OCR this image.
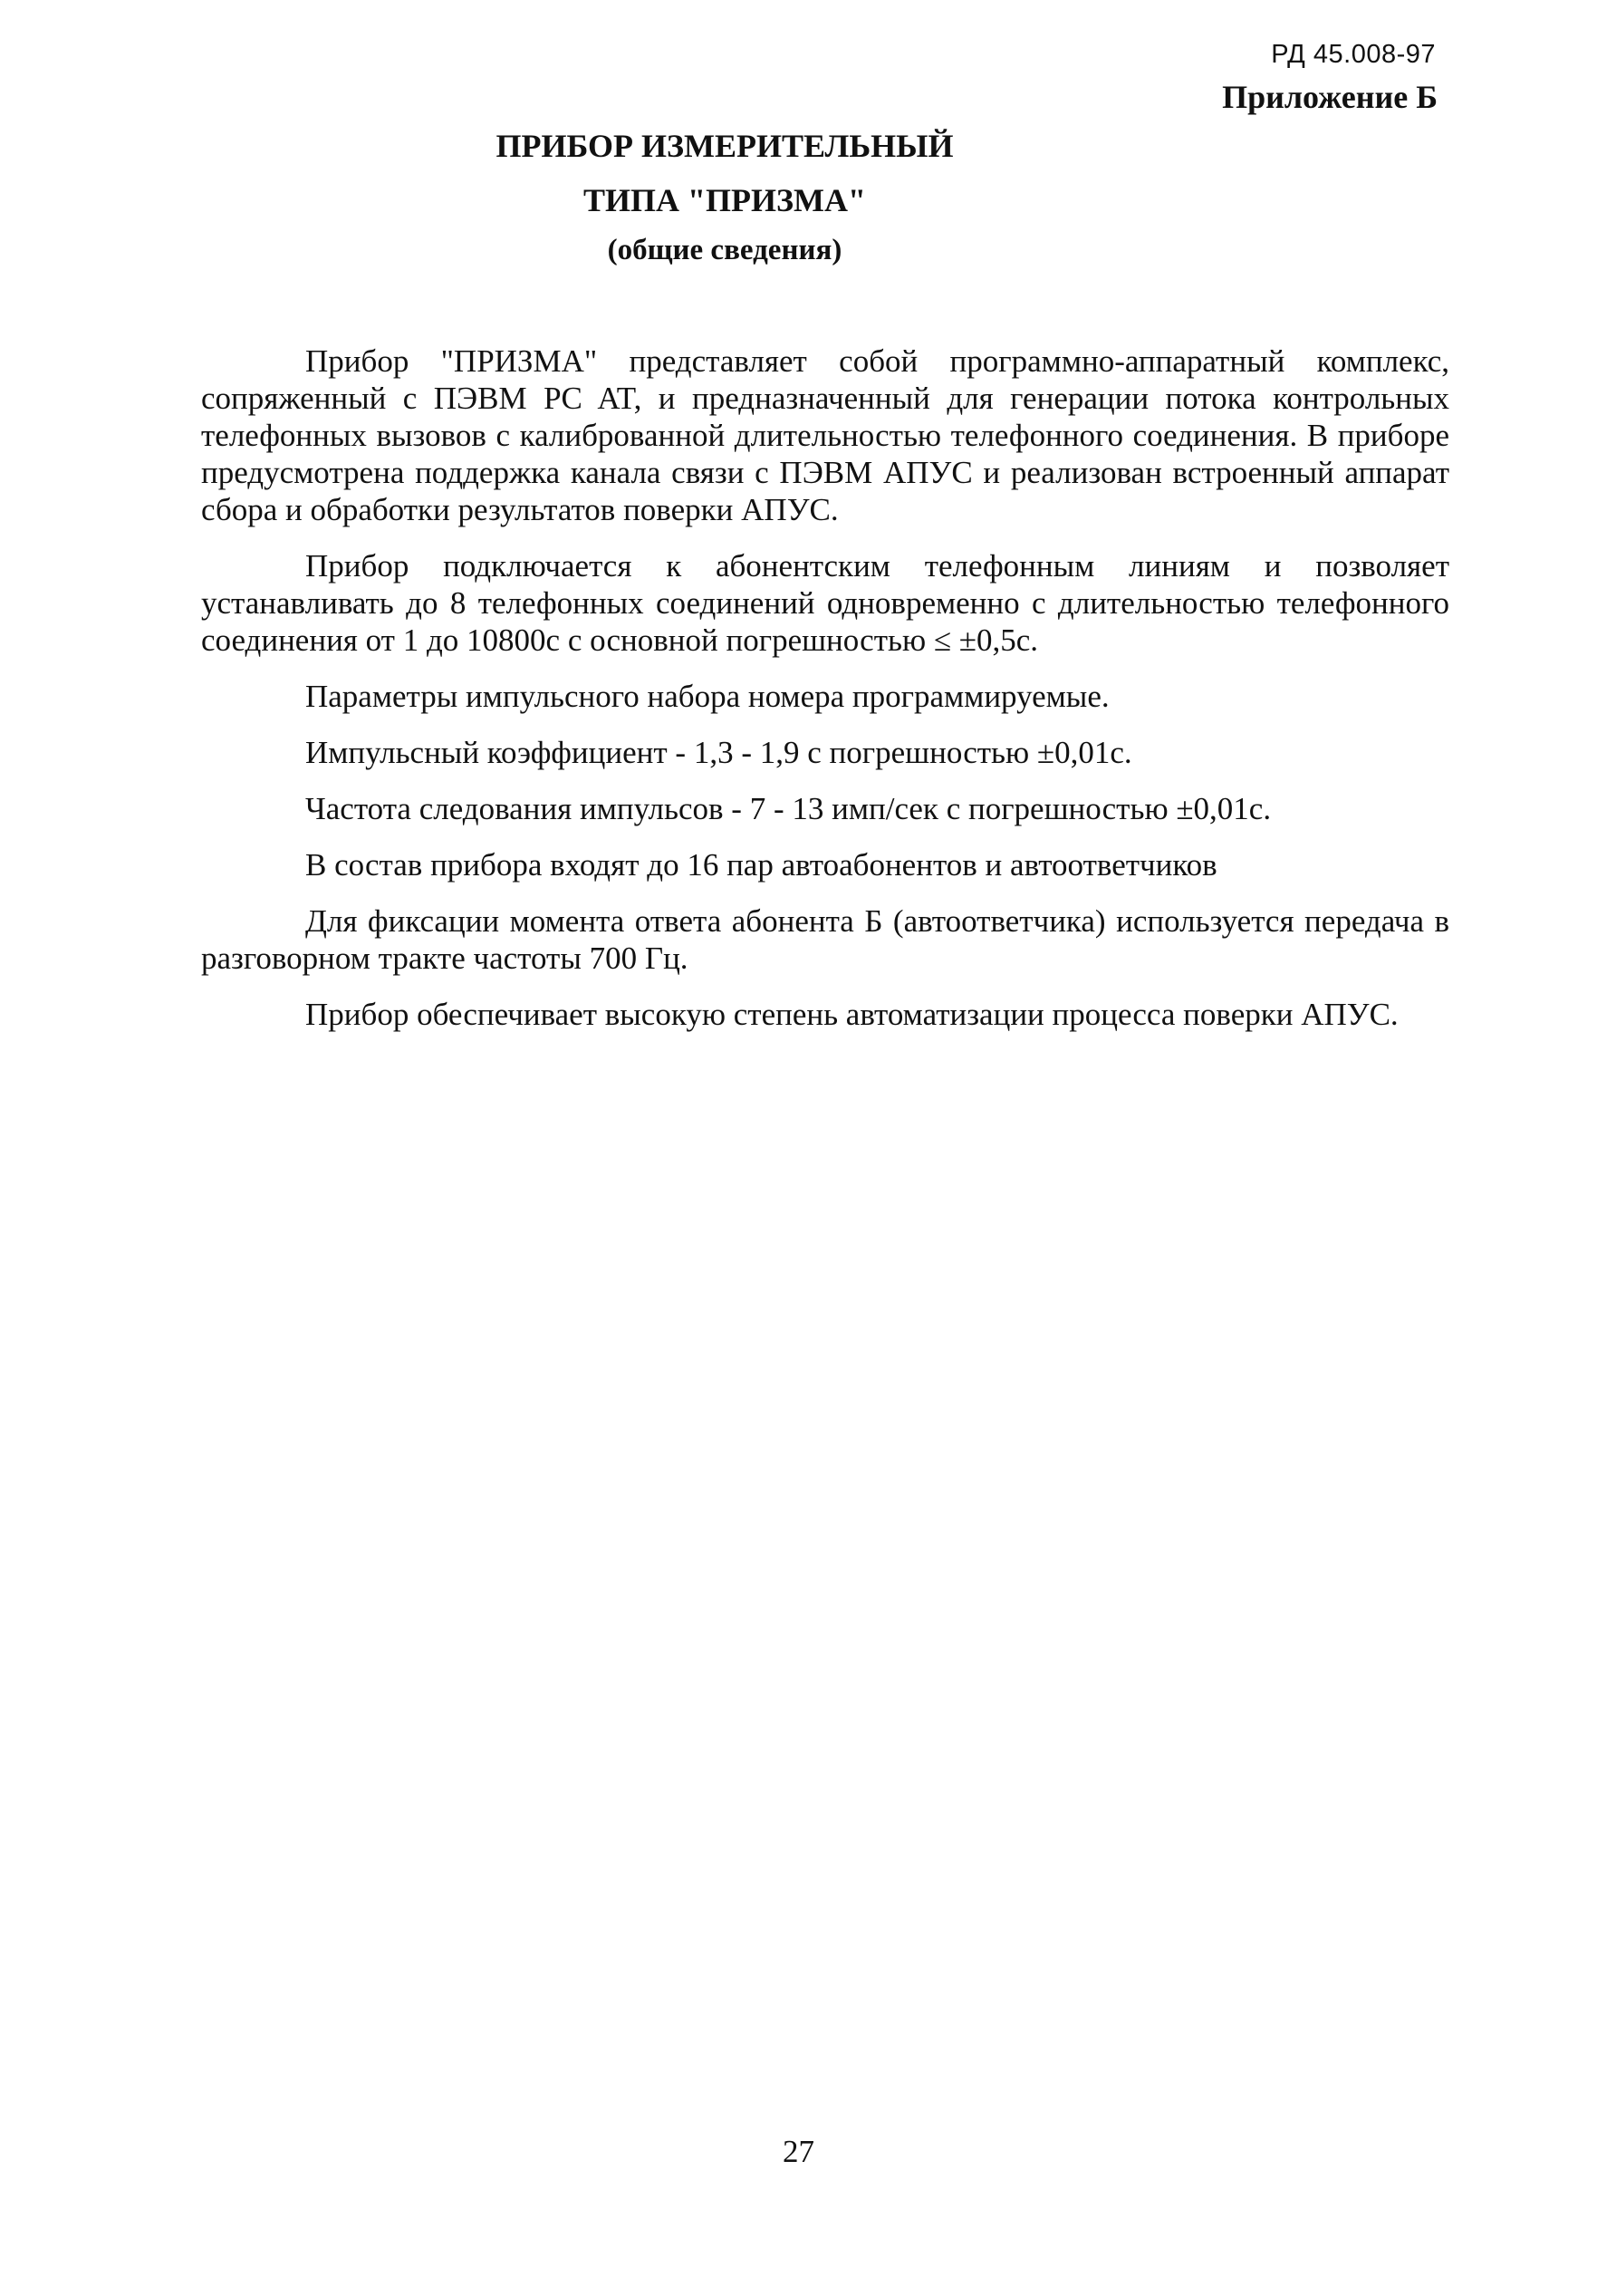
РД 45.008-97
Приложение Б
ПРИБОР ИЗМЕРИТЕЛЬНЫЙ
ТИПА "ПРИЗМА"
(общие сведения)

Прибор "ПРИЗМА" представляет собой программно-аппаратный комплекс, сопряженный с ПЭВМ PC AT, и предназначенный для генерации потока контрольных телефонных вызовов с калиброванной длительностью телефонного соединения. В приборе предусмотрена поддержка канала связи с ПЭВМ АПУС и реализован встроенный аппарат сбора и обработки результатов поверки АПУС.

Прибор подключается к абонентским телефонным линиям и позволяет устанавливать до 8 телефонных соединений одновременно с длительностью телефонного соединения от 1 до 10800с с основной погрешностью ≤ ±0,5с.

Параметры импульсного набора номера программируемые.

Импульсный коэффициент - 1,3 - 1,9 с погрешностью ±0,01с.

Частота следования импульсов - 7 - 13 имп/сек с погрешностью ±0,01с.

В состав прибора входят до 16 пар автоабонентов и автоответчиков

Для фиксации момента ответа абонента Б (автоответчика) используется передача в разговорном тракте частоты 700 Гц.

Прибор обеспечивает высокую степень автоматизации процесса поверки АПУС.

27
